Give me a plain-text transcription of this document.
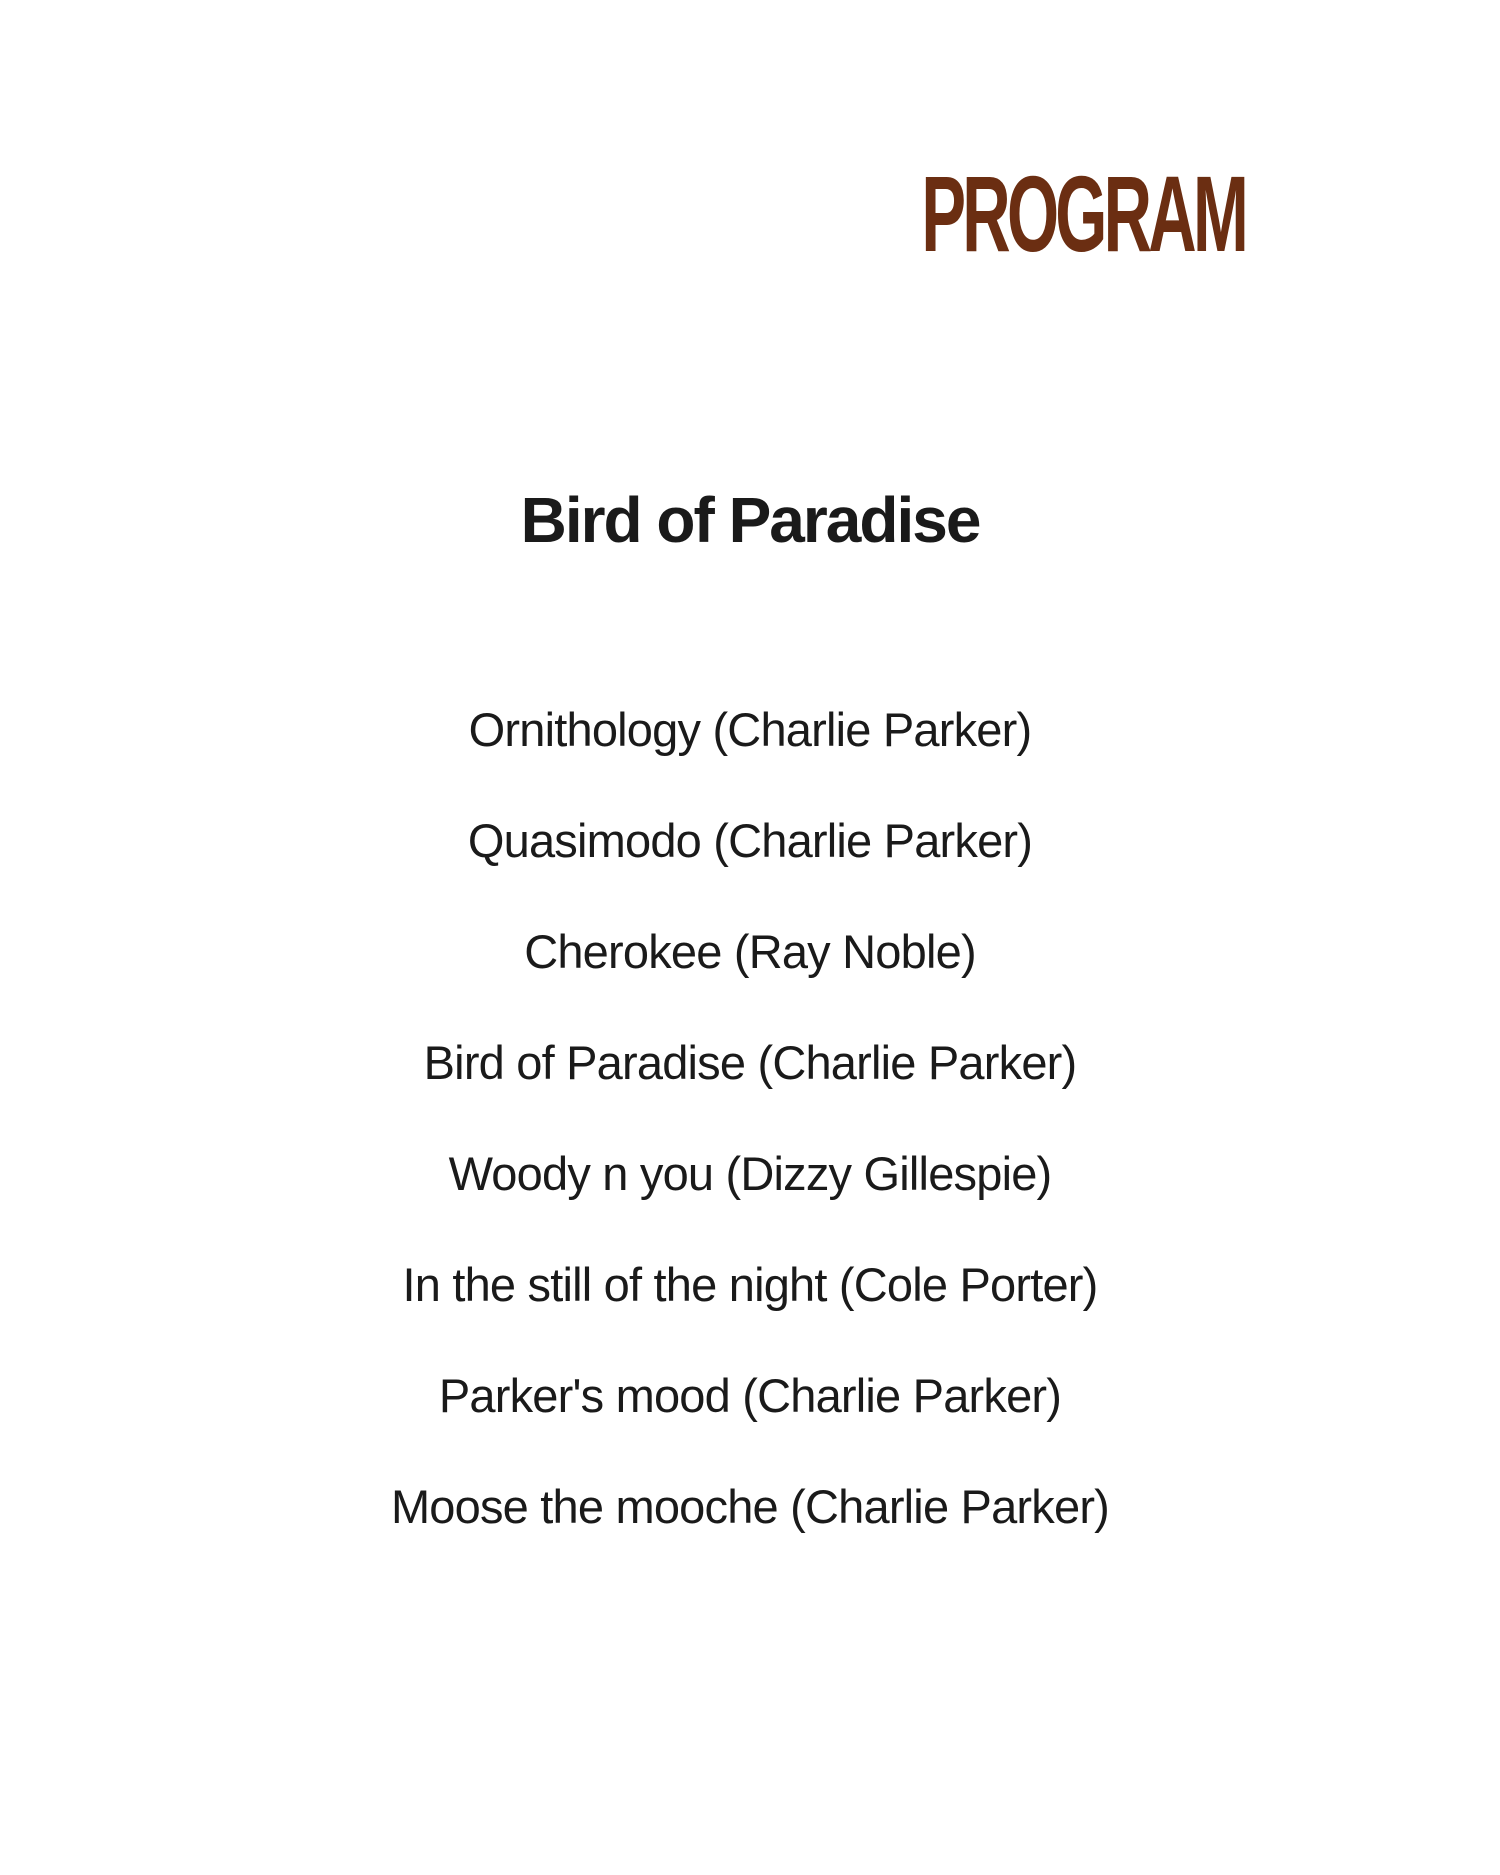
PROGRAM
Bird of Paradise
Ornithology (Charlie Parker)
Quasimodo (Charlie Parker)
Cherokee (Ray Noble)
Bird of Paradise (Charlie Parker)
Woody n you (Dizzy Gillespie)
In the still of the night (Cole Porter)
Parker's mood (Charlie Parker)
Moose the mooche (Charlie Parker)
